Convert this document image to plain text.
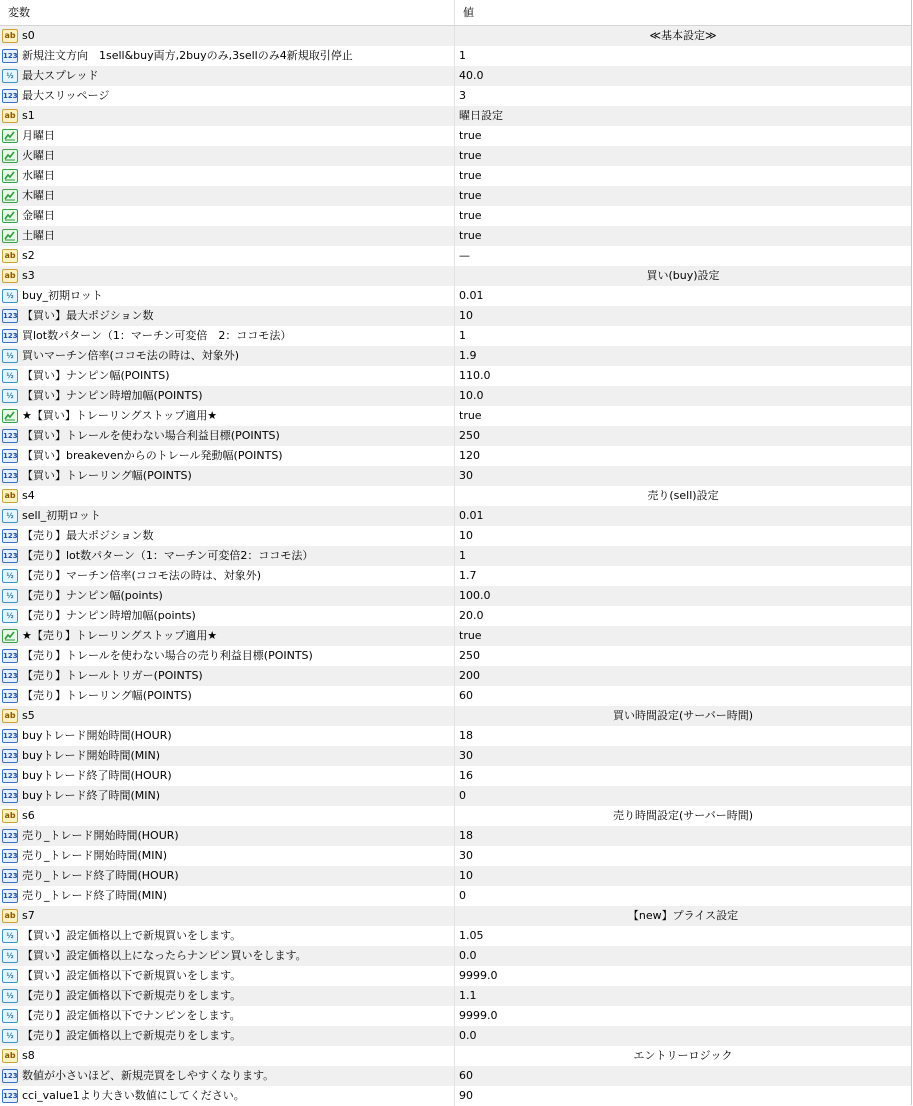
変数	値
ab s0	≪基本設定≫
123 新規注文方向　1sell&buy両方,2buyのみ,3sellのみ4新規取引停止	1
½ 最大スプレッド	40.0
123 最大スリッページ	3
ab s1	曜日設定
月曜日	true
火曜日	true
水曜日	true
木曜日	true
金曜日	true
土曜日	true
ab s2	—
ab s3	買い(buy)設定
½ buy_初期ロット	0.01
123 【買い】最大ポジション数	10
123 買lot数パターン（1：マーチン可変倍　2：ココモ法）	1
½ 買いマーチン倍率(ココモ法の時は、対象外)	1.9
½ 【買い】ナンピン幅(POINTS)	110.0
½ 【買い】ナンピン時増加幅(POINTS)	10.0
★【買い】トレーリングストップ適用★	true
123 【買い】トレールを使わない場合利益目標(POINTS)	250
123 【買い】breakevenからのトレール発動幅(POINTS)	120
123 【買い】トレーリング幅(POINTS)	30
ab s4	売り(sell)設定
½ sell_初期ロット	0.01
123 【売り】最大ポジション数	10
123 【売り】lot数パターン（1：マーチン可変倍2：ココモ法）	1
½ 【売り】マーチン倍率(ココモ法の時は、対象外)	1.7
½ 【売り】ナンピン幅(points)	100.0
½ 【売り】ナンピン時増加幅(points)	20.0
★【売り】トレーリングストップ適用★	true
123 【売り】トレールを使わない場合の売り利益目標(POINTS)	250
123 【売り】トレールトリガー(POINTS)	200
123 【売り】トレーリング幅(POINTS)	60
ab s5	買い時間設定(サーバー時間)
123 buyトレード開始時間(HOUR)	18
123 buyトレード開始時間(MIN)	30
123 buyトレード終了時間(HOUR)	16
123 buyトレード終了時間(MIN)	0
ab s6	売り時間設定(サーバー時間)
123 売り_トレード開始時間(HOUR)	18
123 売り_トレード開始時間(MIN)	30
123 売り_トレード終了時間(HOUR)	10
123 売り_トレード終了時間(MIN)	0
ab s7	【new】プライス設定
½ 【買い】設定価格以上で新規買いをします。	1.05
½ 【買い】設定価格以上になったらナンピン買いをします。	0.0
½ 【買い】設定価格以下で新規買いをします。	9999.0
½ 【売り】設定価格以下で新規売りをします。	1.1
½ 【売り】設定価格以下でナンピンをします。	9999.0
½ 【売り】設定価格以上で新規売りをします。	0.0
ab s8	エントリーロジック
123 数値が小さいほど、新規売買をしやすくなります。	60
123 cci_value1より大きい数値にしてください。	90
